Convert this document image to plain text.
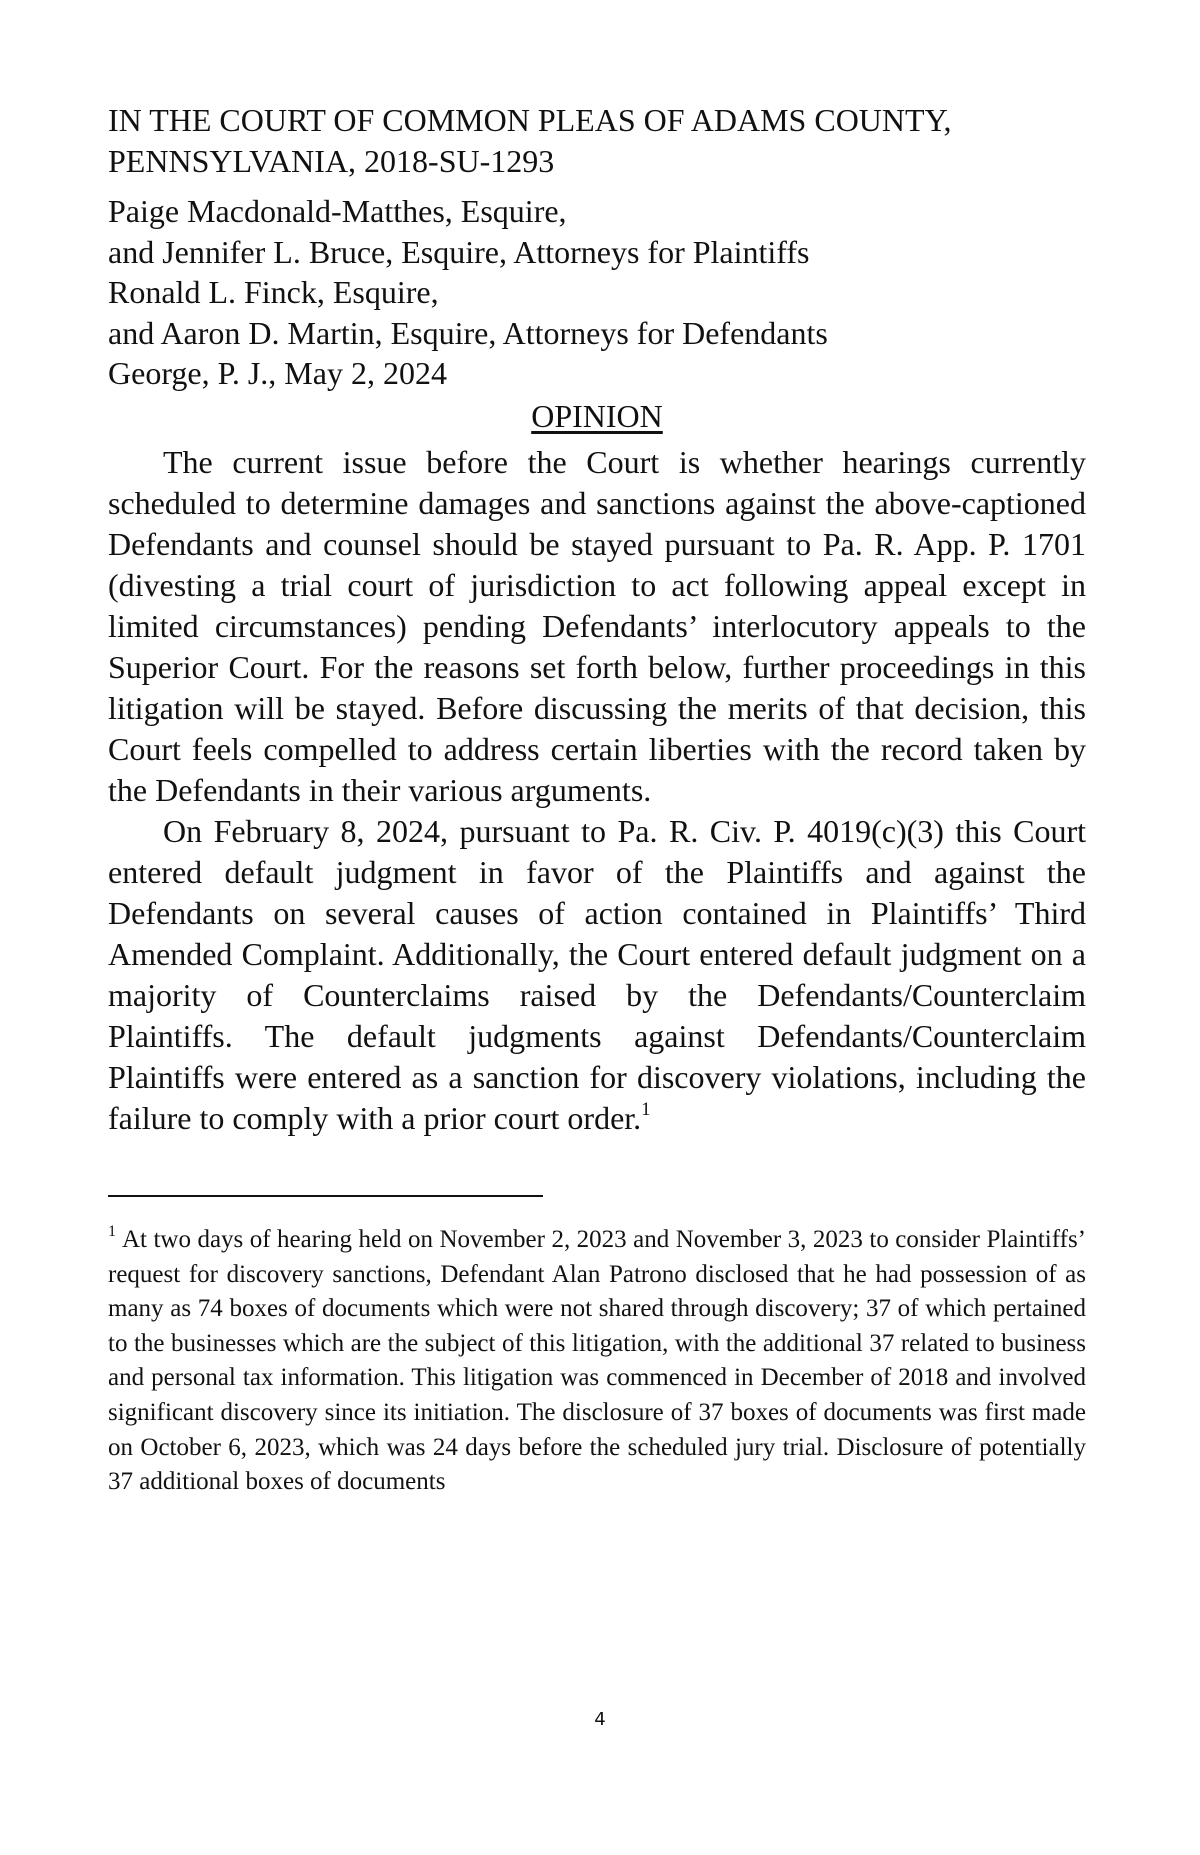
IN THE COURT OF COMMON PLEAS OF ADAMS COUNTY,

PENNSYLVANIA, 2018-SU-1293

Paige Macdonald-Matthes, Esquire,

and Jennifer L. Bruce, Esquire, Attorneys for Plaintiffs

Ronald L. Finck, Esquire,

and Aaron D. Martin, Esquire, Attorneys for Defendants

George, P. J., May 2, 2024

OPINION

The current issue before the Court is whether hearings currently scheduled to determine damages and sanctions against the above-captioned Defendants and counsel should be stayed pursuant to Pa. R. App. P. 1701 (divesting a trial court of jurisdiction to act following appeal except in limited circumstances) pending Defendants’ interlocutory appeals to the Superior Court. For the reasons set forth below, further proceedings in this litigation will be stayed. Before discussing the merits of that decision, this Court feels compelled to address certain liberties with the record taken by the Defendants in their various arguments.

On February 8, 2024, pursuant to Pa. R. Civ. P. 4019(c)(3) this Court entered default judgment in favor of the Plaintiffs and against the Defendants on several causes of action contained in Plaintiffs’ Third Amended Complaint. Additionally, the Court entered default judgment on a majority of Counterclaims raised by the Defendants/Counterclaim Plaintiffs. The default judgments against Defendants/Counterclaim Plaintiffs were entered as a sanction for discovery violations, including the failure to comply with a prior court order.$^1$

$^1$ At two days of hearing held on November 2, 2023 and November 3, 2023 to consider Plaintiffs’ request for discovery sanctions, Defendant Alan Patrono disclosed that he had possession of as many as 74 boxes of documents which were not shared through discovery; 37 of which pertained to the businesses which are the subject of this litigation, with the additional 37 related to business and personal tax information. This litigation was commenced in December of 2018 and involved significant discovery since its initiation. The disclosure of 37 boxes of documents was first made on October 6, 2023, which was 24 days before the scheduled jury trial. Disclosure of potentially 37 additional boxes of documents

4
